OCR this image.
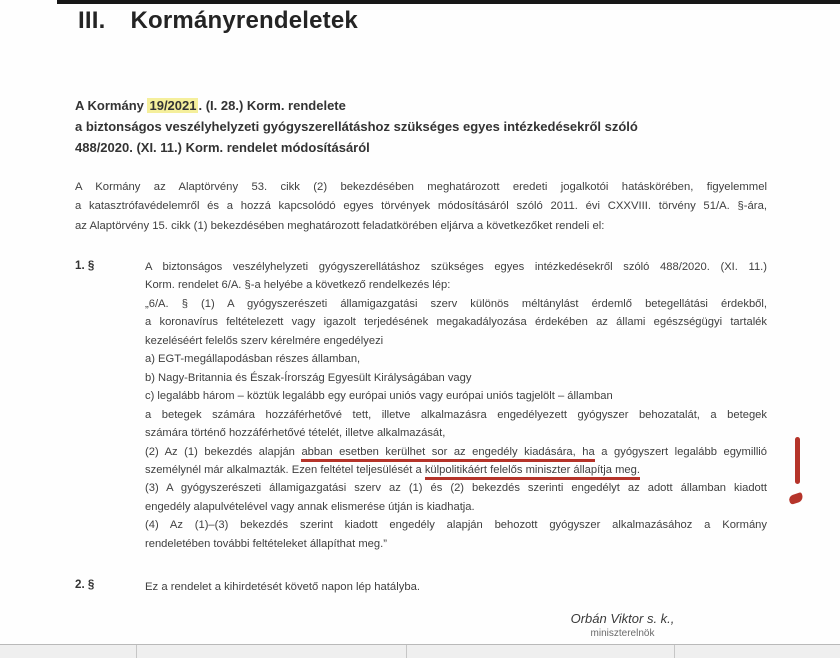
III. Kormányrendeletek
A Kormány 19/2021 . (I. 28.) Korm. rendelete
a biztonságos veszélyhelyzeti gyógyszerellátáshoz szükséges egyes intézkedésekről szóló
488/2020. (XI. 11.) Korm. rendelet módosításáról
A Kormány az Alaptörvény 53. cikk (2) bekezdésében meghatározott eredeti jogalkotói hatáskörében, figyelemmel
a katasztrófavédelemről és a hozzá kapcsolódó egyes törvények módosításáról szóló 2011. évi CXXVIII. törvény 51/A. §-ára,
az Alaptörvény 15. cikk (1) bekezdésében meghatározott feladatkörében eljárva a következőket rendeli el:
1. §	A biztonságos veszélyhelyzeti gyógyszerellátáshoz szükséges egyes intézkedésekről szóló 488/2020. (XI. 11.)
Korm. rendelet 6/A. §-a helyébe a következő rendelkezés lép:
„6/A. § (1) A gyógyszerészeti államigazgatási szerv különös méltánylást érdemlő betegellátási érdekből,
a koronavírus feltételezett vagy igazolt terjedésének megakadályozása érdekében az állami egészségügyi tartalék
kezeléséért felelős szerv kérelmére engedélyezi
a) EGT-megállapodásban részes államban,
b) Nagy-Britannia és Észak-Írország Egyesült Királyságában vagy
c) legalább három – köztük legalább egy európai uniós vagy európai uniós tagjelölt – államban
a betegek számára hozzáférhetővé tett, illetve alkalmazásra engedélyezett gyógyszer behozatalát, a betegek
számára történő hozzáférhetővé tételét, illetve alkalmazását,
(2) Az (1) bekezdés alapján abban esetben kerülhet sor az engedély kiadására, ha a gyógyszert legalább egymillió
személynél már alkalmazták. Ezen feltétel teljesülését a külpolitikáért felelős miniszter állapítja meg.
(3) A gyógyszerészeti államigazgatási szerv az (1) és (2) bekezdés szerinti engedélyt az adott államban kiadott
engedély alapulvételével vagy annak elismerése útján is kiadhatja.
(4) Az (1)–(3) bekezdés szerint kiadott engedély alapján behozott gyógyszer alkalmazásához a Kormány
rendeletében további feltételeket állapíthat meg.”
2. §	Ez a rendelet a kihirdetését követő napon lép hatályba.
Orbán Viktor s. k.,
miniszterelnök
